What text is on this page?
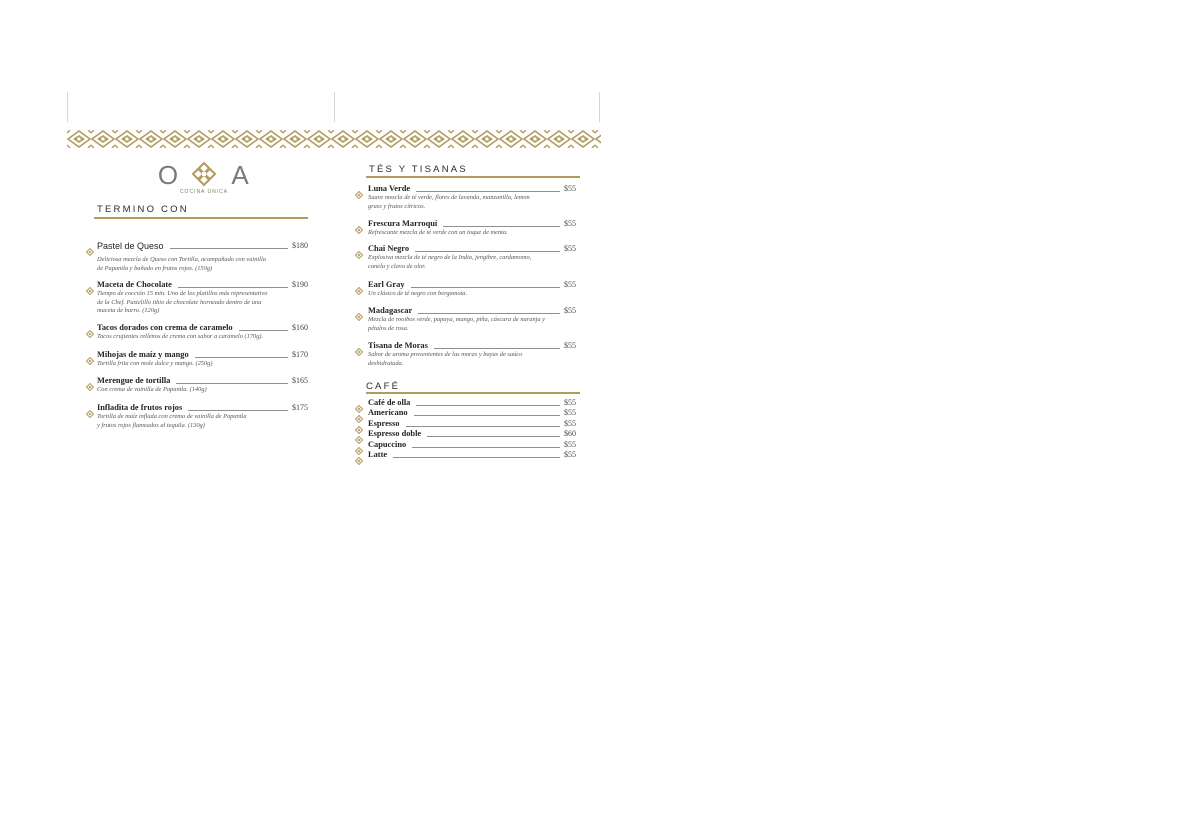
O A
COCINA ÚNICA
TERMINO CON
Pastel de Queso	$180
Deliciosa mezcla de Queso con Tortilla, acompañado con vainilla
de Papantla y bañado en frutos rojos. (150g)
Maceta de Chocolate	$190
Tiempo de cocción 15 min. Uno de los platillos más representativo
de la Chef. Pastelillo tibio de chocolate horneado dentro de una
maceta de barro. (120g)
Tacos dorados con crema de caramelo	$160
Tacos crujientes rellenos de crema con sabor a caramelo (170g).
Mihojas de maíz y mango	$170
Tortilla frita con mole dulce y mango. (250g)
Merengue de tortilla	$165
Con crema de vainilla de Papantla. (140g)
Infladita de frutos rojos	$175
Tortilla de maíz inflada con crema de vainilla de Papantla
y frutos rojos flameados al tequila. (130g)
TÉS Y TISANAS
Luna Verde	$55
Suave mezcla de té verde, flores de lavanda, manzanilla, lemon
grass y frutos cítricos.
Frescura Marroquí	$55
Refrescante mezcla de té verde con un toque de menta.
Chai Negro	$55
Explosiva mezcla de té negro de la India, jengibre, cardamomo,
canela y clavo de olor.
Earl Gray	$55
Un clásico de té negro con bergamota.
Madagascar	$55
Mezcla de rooibos verde, papaya, mango, piña, cáscara de naranja y
pétalos de rosa.
Tisana de Moras	$55
Sabor de aroma provenientes de las moras y bayas de saúco
deshidratada.
CAFÉ
Café de olla	$55
Americano	$55
Espresso	$55
Espresso doble	$60
Capuccino	$55
Latte	$55
